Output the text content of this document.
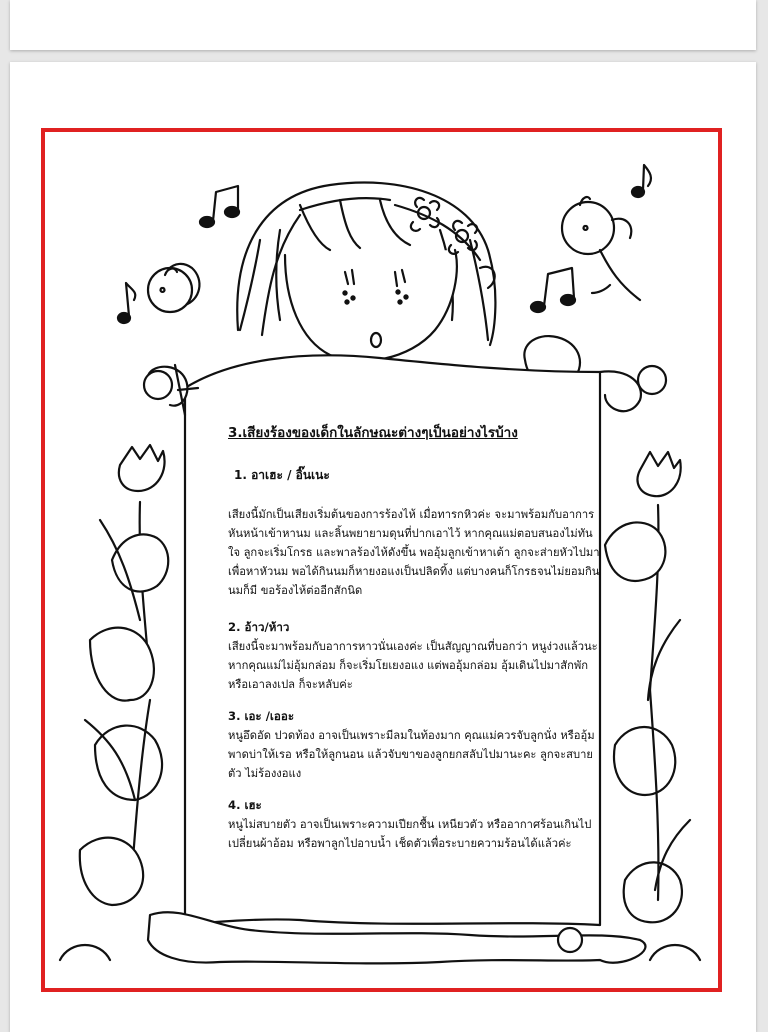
3.เสียงร้องของเด็กในลักษณะต่างๆเป็นอย่างไรบ้าง
1. อาเฮะ / อิ๊นเนะ
เสียงนี้มักเป็นเสียงเริ่มต้นของการร้องไห้ เมื่อทารกหิวค่ะ จะมาพร้อมกับอาการหันหน้าเข้าหานม และลิ้นพยายามดุนที่ปากเอาไว้ หากคุณแม่ตอบสนองไม่ทันใจ ลูกจะเริ่มโกรธ และพาลร้องไห้ดังขึ้น พออุ้มลูกเข้าหาเต้า ลูกจะส่ายหัวไปมาเพื่อหาหัวนม พอได้กินนมก็หายงอแงเป็นปลิดทิ้ง แต่บางคนก็โกรธจนไม่ยอมกินนมก็มี ขอร้องไห้ต่ออีกสักนิด
2. อ้าว/ห้าว
เสียงนี้จะมาพร้อมกับอาการหาวนั่นเองค่ะ เป็นสัญญาณที่บอกว่า หนูง่วงแล้วนะ หากคุณแม่ไม่อุ้มกล่อม ก็จะเริ่มโยเยงอแง แต่พออุ้มกล่อม อุ้มเดินไปมาสักพัก หรือเอาลงเปล ก็จะหลับค่ะ
3. เอะ /เออะ
หนูอึดอัด ปวดท้อง อาจเป็นเพราะมีลมในท้องมาก คุณแม่ควรจับลูกนั่ง หรืออุ้มพาดบ่าให้เรอ หรือให้ลูกนอน แล้วจับขาของลูกยกสลับไปมานะคะ ลูกจะสบายตัว ไม่ร้องงอแง
4. เฮะ
หนูไม่สบายตัว อาจเป็นเพราะความเปียกชื้น เหนียวตัว หรืออากาศร้อนเกินไป เปลี่ยนผ้าอ้อม หรือพาลูกไปอาบน้ำ เช็ดตัวเพื่อระบายความร้อนได้แล้วค่ะ
